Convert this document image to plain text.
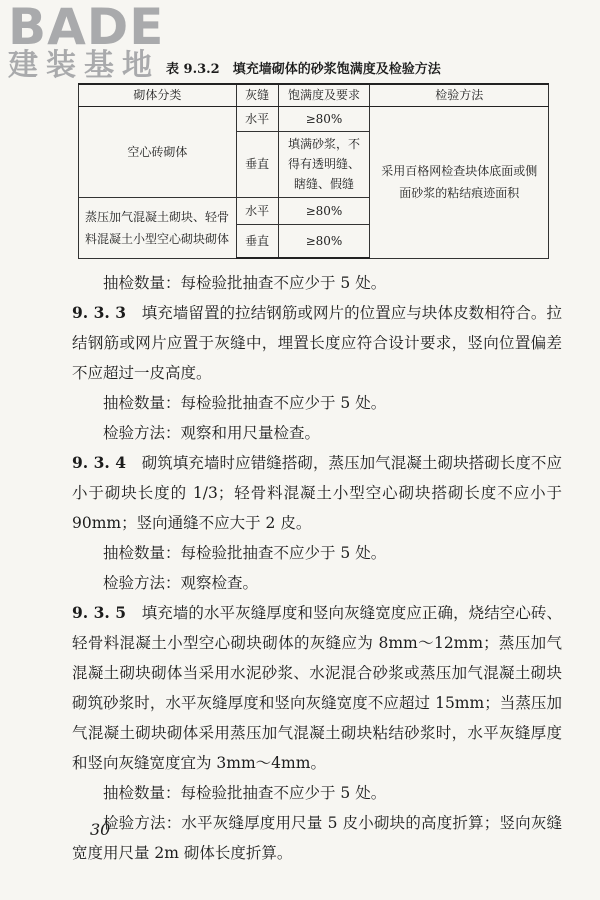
BADE
建装基地 表 9.3.2　填充墙砌体的砂浆饱满度及检验方法
砌体分类	灰缝	饱满度及要求	检验方法
空心砖砌体	水平	≥80%	采用百格网检查块体底面或侧面砂浆的粘结痕迹面积
	垂直	填满砂浆，不得有透明缝、瞎缝、假缝	
蒸压加气混凝土砌块、轻骨料混凝土小型空心砌块砌体	水平	≥80%	
	垂直	≥80%	

抽检数量：每检验批抽查不应少于 5 处。

9. 3. 3　填充墙留置的拉结钢筋或网片的位置应与块体皮数相符合。拉结钢筋或网片应置于灰缝中，埋置长度应符合设计要求，竖向位置偏差不应超过一皮高度。

抽检数量：每检验批抽查不应少于 5 处。

检验方法：观察和用尺量检查。

9. 3. 4　砌筑填充墙时应错缝搭砌，蒸压加气混凝土砌块搭砌长度不应小于砌块长度的 1/3；轻骨料混凝土小型空心砌块搭砌长度不应小于 90mm；竖向通缝不应大于 2 皮。

抽检数量：每检验批抽查不应少于 5 处。

检验方法：观察检查。

9. 3. 5　填充墙的水平灰缝厚度和竖向灰缝宽度应正确，烧结空心砖、轻骨料混凝土小型空心砌块砌体的灰缝应为 8mm～12mm；蒸压加气混凝土砌块砌体当采用水泥砂浆、水泥混合砂浆或蒸压加气混凝土砌块砌筑砂浆时，水平灰缝厚度和竖向灰缝宽度不应超过 15mm；当蒸压加气混凝土砌块砌体采用蒸压加气混凝土砌块粘结砂浆时，水平灰缝厚度和竖向灰缝宽度宜为 3mm～4mm。

抽检数量：每检验批抽查不应少于 5 处。

检验方法：水平灰缝厚度用尺量 5 皮小砌块的高度折算；竖向灰缝宽度用尺量 2m 砌体长度折算。

30
